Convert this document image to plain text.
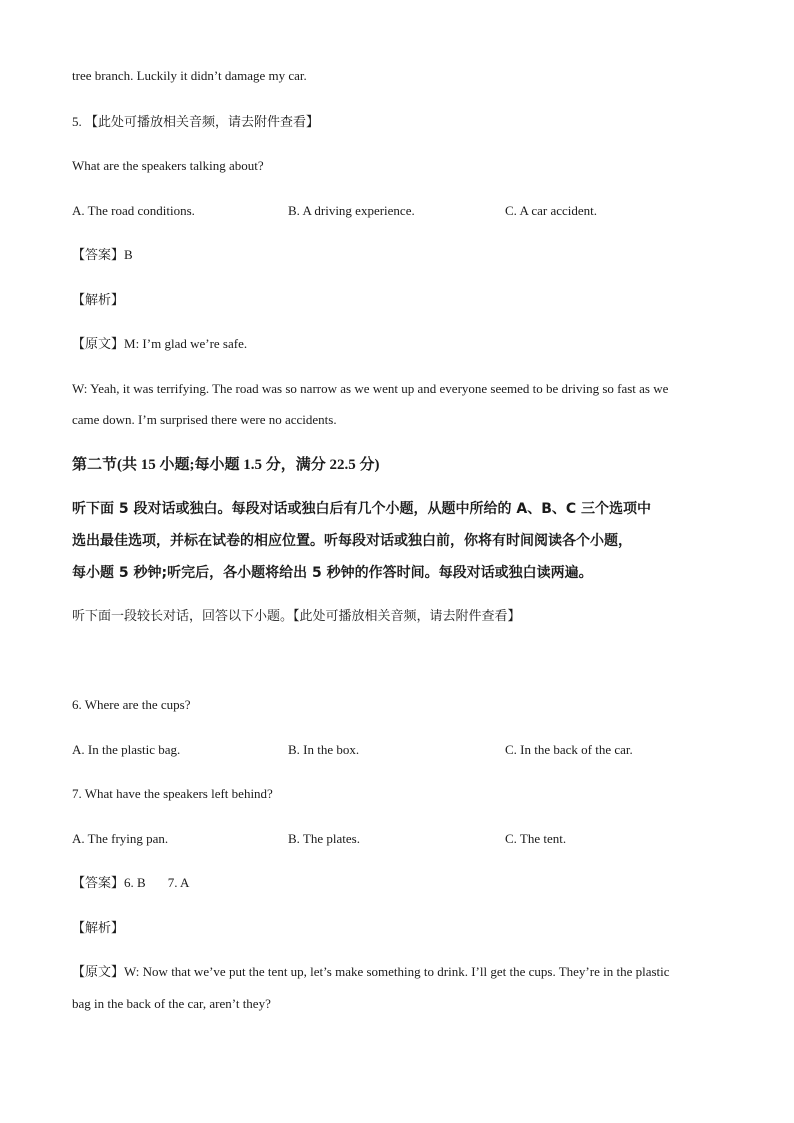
tree branch. Luckily it didn’t damage my car.
5. 【此处可播放相关音频，请去附件查看】
What are the speakers talking about?
A. The road conditions.	B. A driving experience.	C. A car accident.
【答案】B
【解析】
【原文】M: I’m glad we’re safe.
W: Yeah, it was terrifying. The road was so narrow as we went up and everyone seemed to be driving so fast as we
came down. I’m surprised there were no accidents.
第二节(共 15 小题;每小题 1.5 分，满分 22.5 分)
听下面 5 段对话或独白。每段对话或独白后有几个小题，从题中所给的 A、B、C 三个选项中
选出最佳选项，并标在试卷的相应位置。听每段对话或独白前，你将有时间阅读各个小题，
每小题 5 秒钟;听完后，各小题将给出 5 秒钟的作答时间。每段对话或独白读两遍。
听下面一段较长对话，回答以下小题。【此处可播放相关音频，请去附件查看】
6. Where are the cups?
A. In the plastic bag.	B. In the box.	C. In the back of the car.
7. What have the speakers left behind?
A. The frying pan.	B. The plates.	C. The tent.
【答案】6. B 7. A
【解析】
【原文】W: Now that we’ve put the tent up, let’s make something to drink. I’ll get the cups. They’re in the plastic
bag in the back of the car, aren’t they?
